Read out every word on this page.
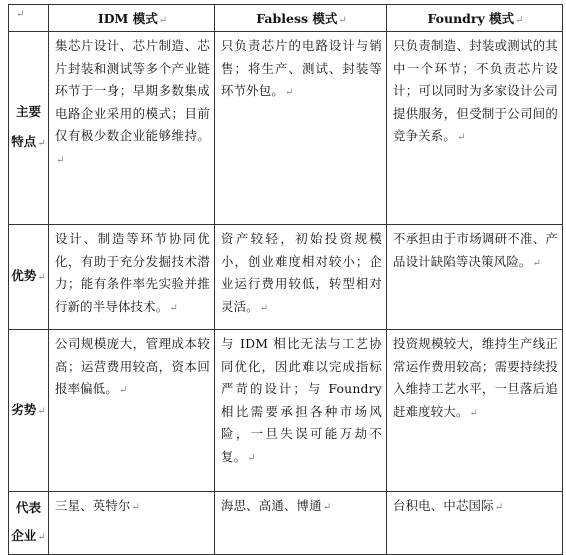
↵	IDM 模式↵	Fabless 模式↵	Foundry 模式↵
主要特点↵	集芯片设计、芯片制造、芯片封装和测试等多个产业链环节于一身；早期多数集成电路企业采用的模式；目前仅有极少数企业能够维持。↵	只负责芯片的电路设计与销售；将生产、测试、封装等环节外包。↵	只负责制造、封装或测试的其中一个环节；不负责芯片设计；可以同时为多家设计公司提供服务，但受制于公司间的竞争关系。↵
优势↵	设计、制造等环节协同优化，有助于充分发掘技术潜力；能有条件率先实验并推行新的半导体技术。↵	资产较轻，初始投资规模小，创业难度相对较小；企业运行费用较低，转型相对灵活。↵	不承担由于市场调研不准、产品设计缺陷等决策风险。↵
劣势↵	公司规模庞大，管理成本较高；运营费用较高，资本回报率偏低。↵	与 IDM 相比无法与工艺协同优化，因此难以完成指标严苛的设计；与 Foundry 相比需要承担各种市场风险，一旦失误可能万劫不复。↵	投资规模较大，维持生产线正常运作费用较高；需要持续投入维持工艺水平，一旦落后追赶难度较大。↵
代表企业↵	三星、英特尔↵	海思、高通、博通↵	台积电、中芯国际↵
